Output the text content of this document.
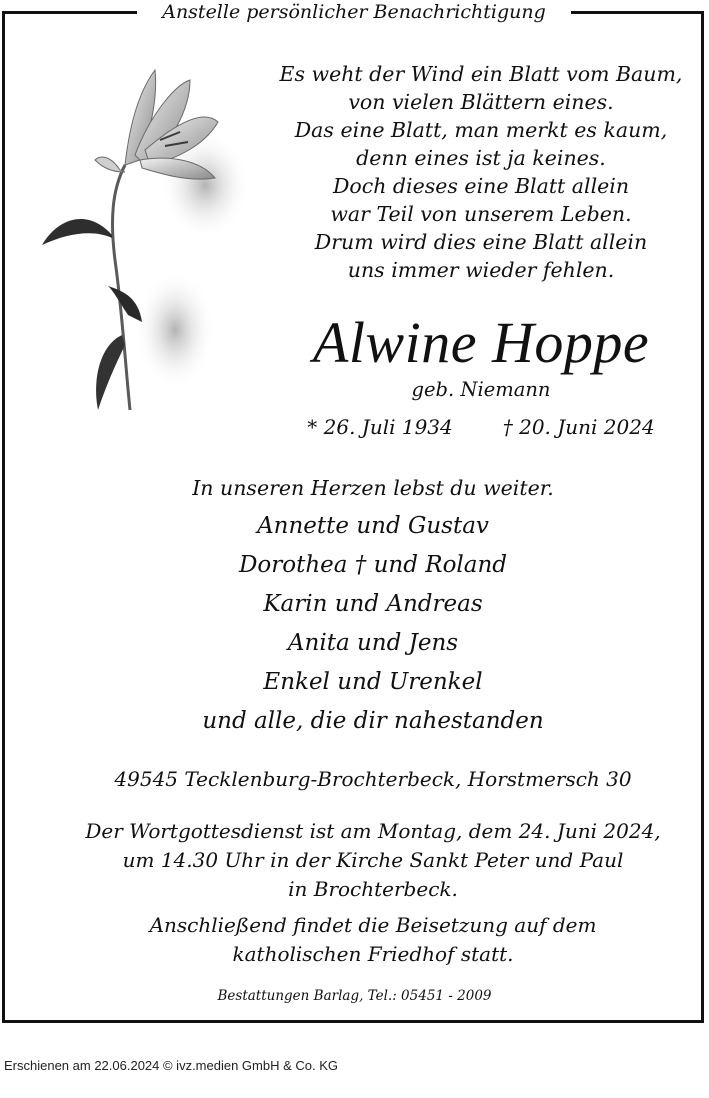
Anstelle persönlicher Benachrichtigung
Es weht der Wind ein Blatt vom Baum,
von vielen Blättern eines.
Das eine Blatt, man merkt es kaum,
denn eines ist ja keines.
Doch dieses eine Blatt allein
war Teil von unserem Leben.
Drum wird dies eine Blatt allein
uns immer wieder fehlen.
Alwine Hoppe
geb. Niemann
* 26. Juli 1934	† 20. Juni 2024
In unseren Herzen lebst du weiter.
Annette und Gustav
Dorothea † und Roland
Karin und Andreas
Anita und Jens
Enkel und Urenkel
und alle, die dir nahestanden
49545 Tecklenburg-Brochterbeck, Horstmersch 30
Der Wortgottesdienst ist am Montag, dem 24. Juni 2024,
um 14.30 Uhr in der Kirche Sankt Peter und Paul
in Brochterbeck.
Anschließend findet die Beisetzung auf dem
katholischen Friedhof statt.
Bestattungen Barlag, Tel.: 05451 - 2009
Erschienen am 22.06.2024 © ivz.medien GmbH & Co. KG
